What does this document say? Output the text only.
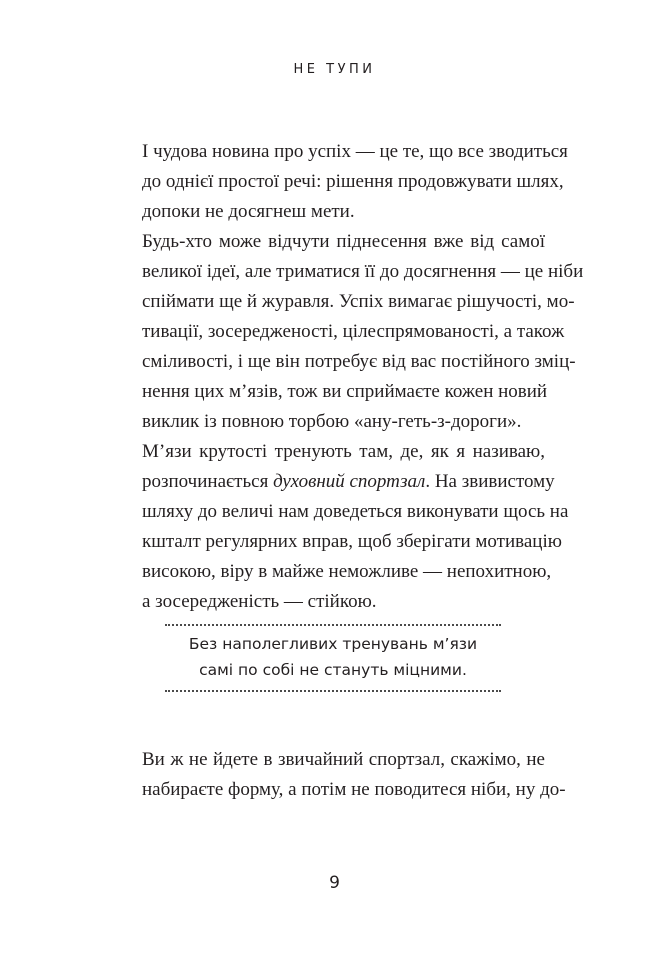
НЕ ТУПИ

І чудова новина про успіх — це те, що все зводиться
до однієї простої речі: рішення продовжувати шлях,
допоки не досягнеш мети.

Будь-хто може відчути піднесення вже від самої
великої ідеї, але триматися її до досягнення — це ніби
спіймати ще й журавля. Успіх вимагає рішучості, мо-
тивації, зосередженості, цілеспрямованості, а також
сміливості, і ще він потребує від вас постійного зміц-
нення цих м’язів, тож ви сприймаєте кожен новий
виклик із повною торбою «ану-геть-з-дороги».

М’язи крутості тренують там, де, як я називаю,
розпочинається духовний спортзал. На звивистому
шляху до величі нам доведеться виконувати щось на
кшталт регулярних вправ, щоб зберігати мотивацію
високою, віру в майже неможливе — непохитною,
а зосередженість — стійкою.

Без наполегливих тренувань м’язи
самі по собі не стануть міцними.

Ви ж не йдете в звичайний спортзал, скажімо, не
набираєте форму, а потім не поводитеся ніби, ну до-

9
